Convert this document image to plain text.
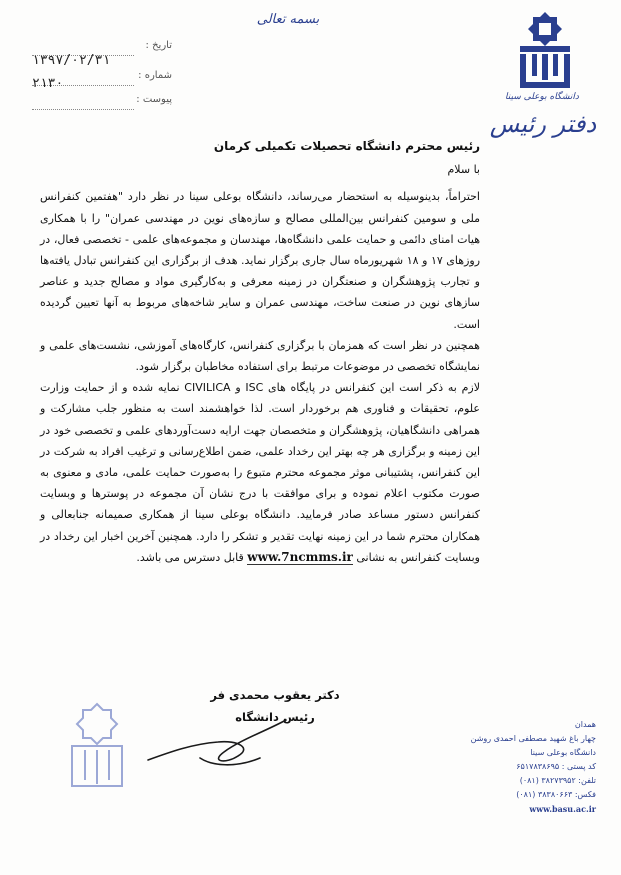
تاریخ :
۱۳۹۷/۰۲/۳۱
شماره :
۲۱۳۰
پیوست :
بسمه تعالی
دانشگاه بوعلی سینا
دفتر رئیس

رئیس محترم دانشگاه تحصیلات تکمیلی کرمان

با سلام

احتراماً، بدینوسیله به استحضار می‌رساند، دانشگاه بوعلی سینا در نظر دارد "هفتمین کنفرانس ملی و سومین کنفرانس بین‌المللی مصالح و سازه‌های نوین در مهندسی عمران" را با همکاری هیات امنای دائمی و حمایت علمی دانشگاه‌ها، مهندسان و مجموعه‌های علمی - تخصصی فعال، در روزهای ۱۷ و ۱۸ شهریورماه سال جاری برگزار نماید. هدف از برگزاری این کنفرانس تبادل یافته‌ها و تجارب پژوهشگران و صنعتگران در زمینه معرفی و به‌کارگیری مواد و مصالح جدید و عناصر سازهای نوین در صنعت ساخت، مهندسی عمران و سایر شاخه‌های مربوط به آنها تعیین گردیده است.

همچنین در نظر است که همزمان با برگزاری کنفرانس، کارگاه‌های آموزشی، نشست‌های علمی و نمایشگاه تخصصی در موضوعات مرتبط برای استفاده مخاطبان برگزار شود.

لازم به ذکر است این کنفرانس در پایگاه های ISC و CIVILICA نمایه شده و از حمایت وزارت علوم، تحقیقات و فناوری هم برخوردار است. لذا خواهشمند است به منظور جلب مشارکت و همراهی دانشگاهیان، پژوهشگران و متخصصان جهت ارایه دست‌آوردهای علمی و تخصصی خود در این زمینه و برگزاری هر چه بهتر این رخداد علمی، ضمن اطلاع‌رسانی و ترغیب افراد به شرکت در این کنفرانس، پشتیبانی موثر مجموعه محترم متبوع را به‌صورت حمایت علمی، مادی و معنوی به صورت مکتوب اعلام نموده و برای موافقت با درج نشان آن مجموعه در پوسترها و وبسایت کنفرانس دستور مساعد صادر فرمایید. دانشگاه بوعلی سینا از همکاری صمیمانه جنابعالی و همکاران محترم شما در این زمینه نهایت تقدیر و تشکر را دارد. همچنین آخرین اخبار این رخداد در وبسایت کنفرانس به نشانی www.7ncmms.ir قابل دسترس می باشد.

دکتر یعقوب محمدی فر
رئیس دانشگاه
همدان
چهار باغ شهید مصطفی احمدی روشن
دانشگاه بوعلی سینا
کد پستی : ۶۵۱۷۸۳۸۶۹۵
تلفن: ۳۸۲۷۳۹۵۲ (۰۸۱)
فکس: ۳۸۳۸۰۶۶۳ (۰۸۱)
www.basu.ac.ir
